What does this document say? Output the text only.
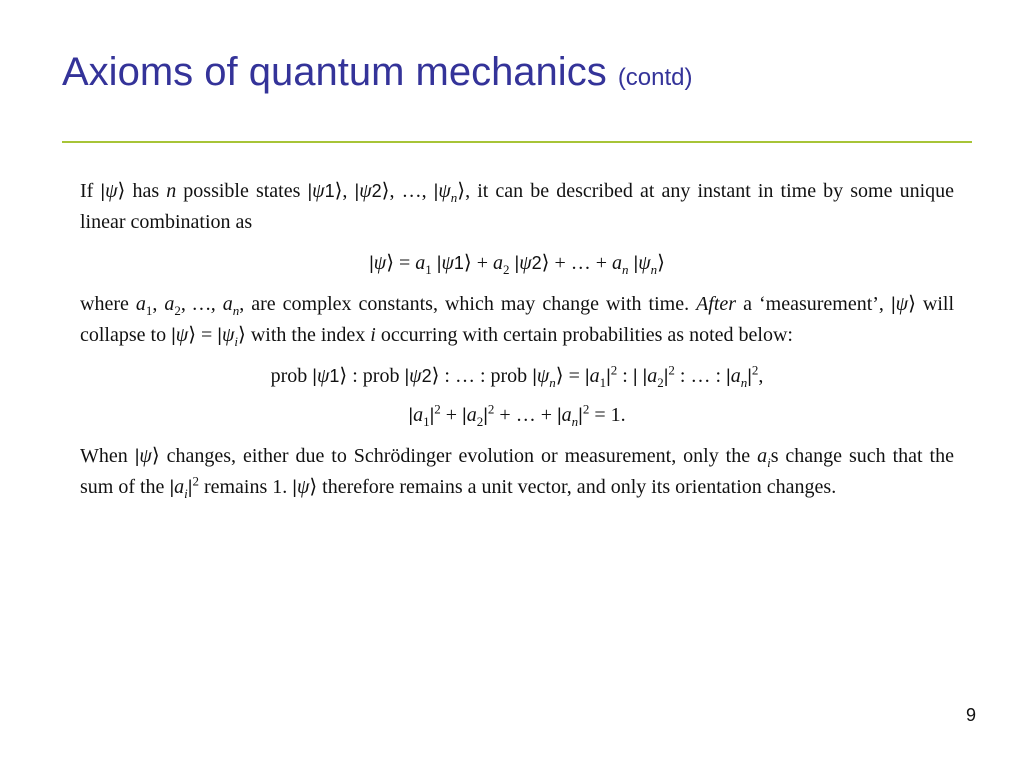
Axioms of quantum mechanics (contd)

If |ψ⟩ has n possible states |ψ1⟩, |ψ2⟩, …, $|\psi_n⟩$, it can be described at any instant in time by some unique linear combination as

|ψ⟩ = $a_1$ |ψ1⟩ + $a_2$ |ψ2⟩ + … + $a_n$ $|\psi_n⟩$

where $a_1$, $a_2$, …, $a_n$, are complex constants, which may change with time. After a ‘measurement’, |ψ⟩ will collapse to |ψ⟩ = $|\psi_i⟩$ with the index i occurring with certain probabilities as noted below:

prob |ψ1⟩ : prob |ψ2⟩ : … : prob $|\psi_n⟩ = |a_1|^2$ : | $|a_2|^2$ : … : $|a_n|^2$,

$|a_1|^2 + |a_2|^2$ + … + $|a_n|^2 = 1$.

When |ψ⟩ changes, either due to Schrödinger evolution or measurement, only the $a_is$ change such that the sum of the $|a_i|^2$ remains 1. |ψ⟩ therefore remains a unit vector, and only its orientation changes.

9
